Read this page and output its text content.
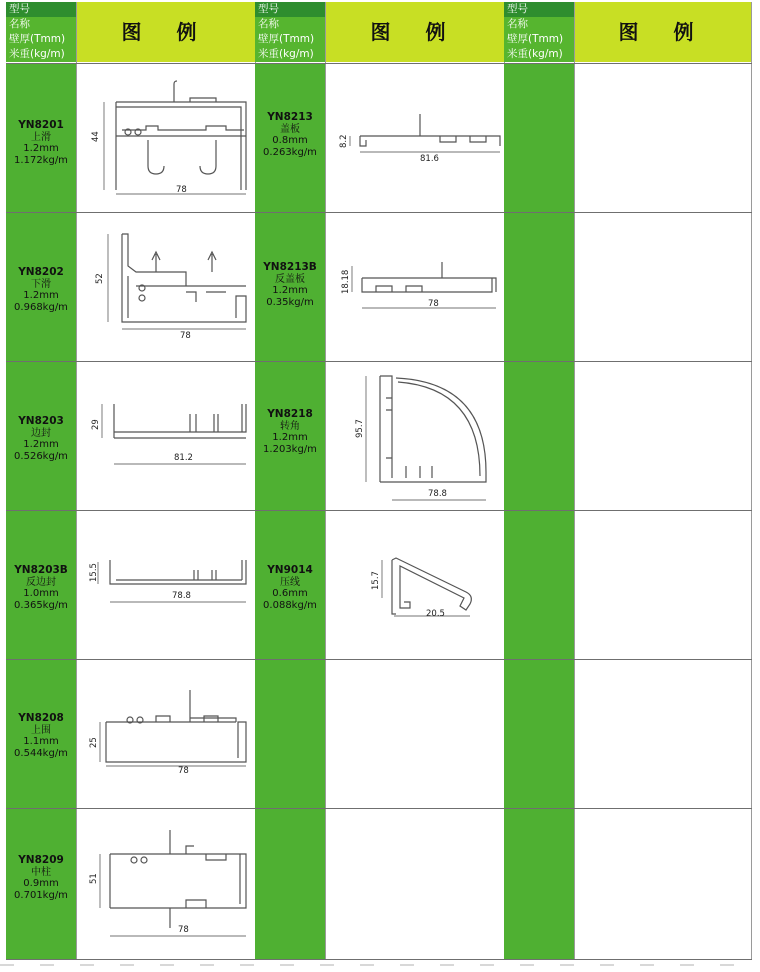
型号
名称
壁厚(Tmm)
米重(kg/m)
图 例
型号
名称
壁厚(Tmm)
米重(kg/m)
图 例
型号
名称
壁厚(Tmm)
米重(kg/m)
图 例
YN8201
上滑
1.2mm
1.172kg/m
YN8202
下滑
1.2mm
0.968kg/m
YN8203
边封
1.2mm
0.526kg/m
YN8203B
反边封
1.0mm
0.365kg/m
YN8208
上围
1.1mm
0.544kg/m
YN8209
中柱
0.9mm
0.701kg/m
YN8213
盖板
0.8mm
0.263kg/m
YN8213B
反盖板
1.2mm
0.35kg/m
YN8218
转角
1.2mm
1.203kg/m
YN9014
压线
0.6mm
0.088kg/m
44
78
52
78
29
81.2
15.5
78.8
25
78
51
78
8.2
81.6
18.18
78
95.7
78.8
15.7
20.5
